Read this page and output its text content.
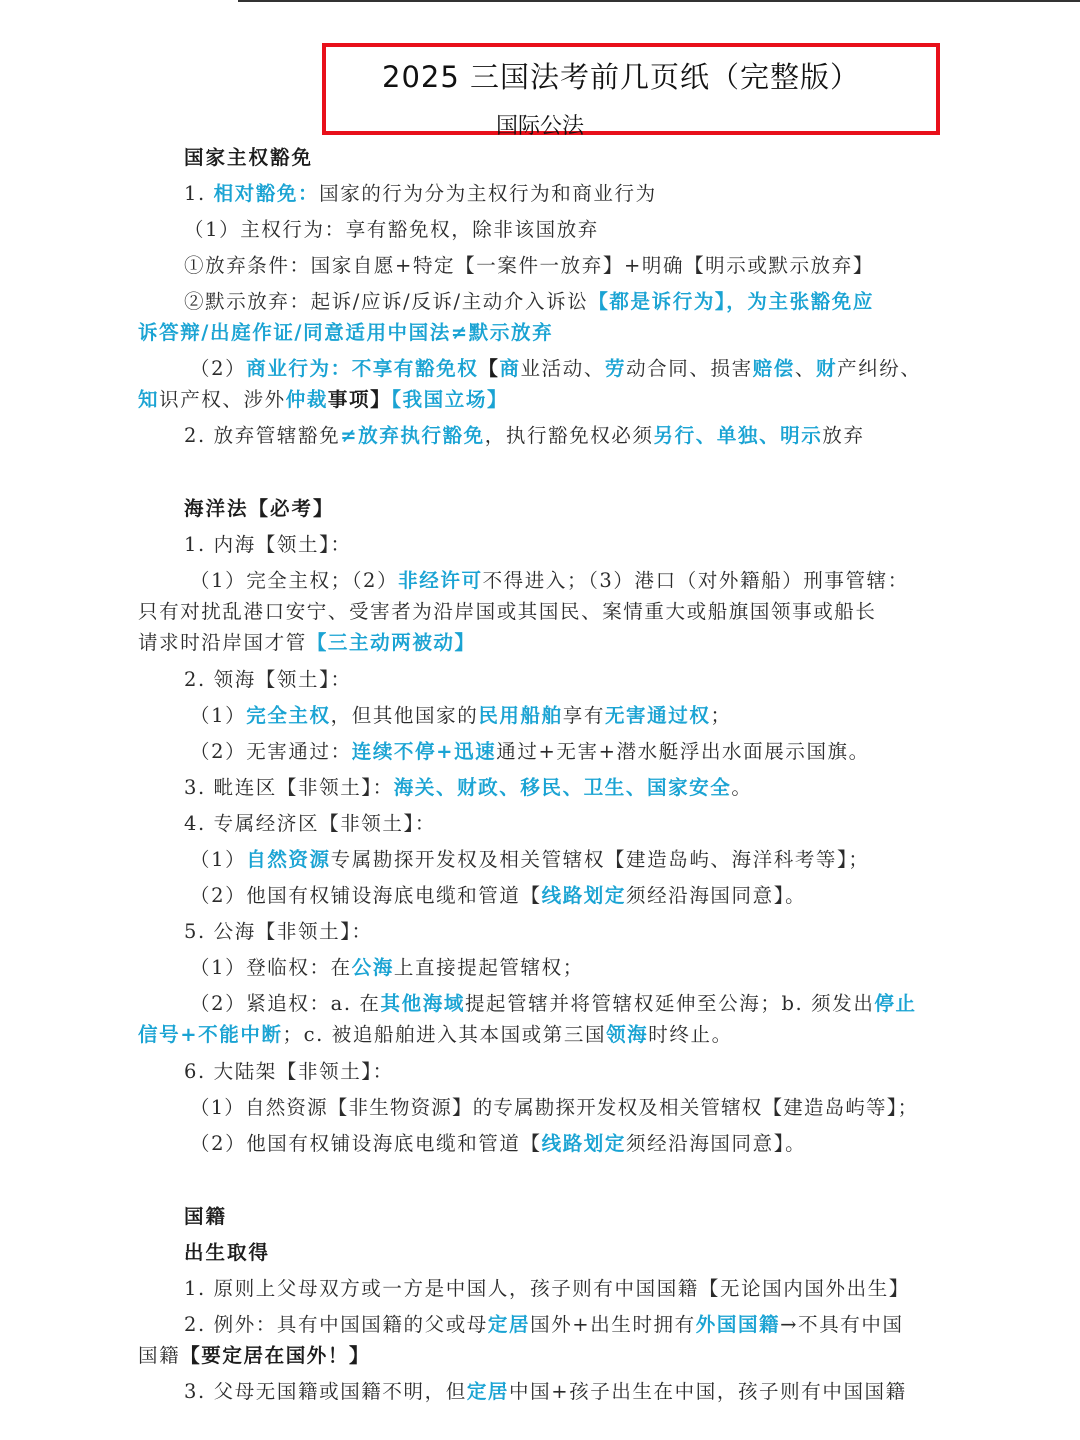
2025 三国法考前几页纸（完整版）
国际公法
国家主权豁免
1. 相对豁免：国家的行为分为主权行为和商业行为
（1）主权行为：享有豁免权，除非该国放弃
①放弃条件：国家自愿+特定【一案件一放弃】+明确【明示或默示放弃】
②默示放弃：起诉/应诉/反诉/主动介入诉讼【都是诉行为】，为主张豁免应
诉答辩/出庭作证/同意适用中国法≠默示放弃
（2）商业行为：不享有豁免权【商业活动、劳动合同、损害赔偿、财产纠纷、
知识产权、涉外仲裁事项】【我国立场】
2. 放弃管辖豁免≠放弃执行豁免，执行豁免权必须另行、单独、明示放弃
海洋法【必考】
1. 内海【领土】：
（1）完全主权；（2）非经许可不得进入；（3）港口（对外籍船）刑事管辖：
只有对扰乱港口安宁、受害者为沿岸国或其国民、案情重大或船旗国领事或船长
请求时沿岸国才管【三主动两被动】
2. 领海【领土】：
（1）完全主权，但其他国家的民用船舶享有无害通过权；
（2）无害通过：连续不停+迅速通过+无害+潜水艇浮出水面展示国旗。
3. 毗连区【非领土】：海关、财政、移民、卫生、国家安全。
4. 专属经济区【非领土】：
（1）自然资源专属勘探开发权及相关管辖权【建造岛屿、海洋科考等】；
（2）他国有权铺设海底电缆和管道【线路划定须经沿海国同意】。
5. 公海【非领土】：
（1）登临权：在公海上直接提起管辖权；
（2）紧追权：a. 在其他海域提起管辖并将管辖权延伸至公海；b. 须发出停止
信号+不能中断；c. 被追船舶进入其本国或第三国领海时终止。
6. 大陆架【非领土】：
（1）自然资源【非生物资源】的专属勘探开发权及相关管辖权【建造岛屿等】；
（2）他国有权铺设海底电缆和管道【线路划定须经沿海国同意】。
国籍
出生取得
1. 原则上父母双方或一方是中国人，孩子则有中国国籍【无论国内国外出生】
2. 例外：具有中国国籍的父或母定居国外+出生时拥有外国国籍→不具有中国
国籍【要定居在国外！】
3. 父母无国籍或国籍不明，但定居中国+孩子出生在中国，孩子则有中国国籍
